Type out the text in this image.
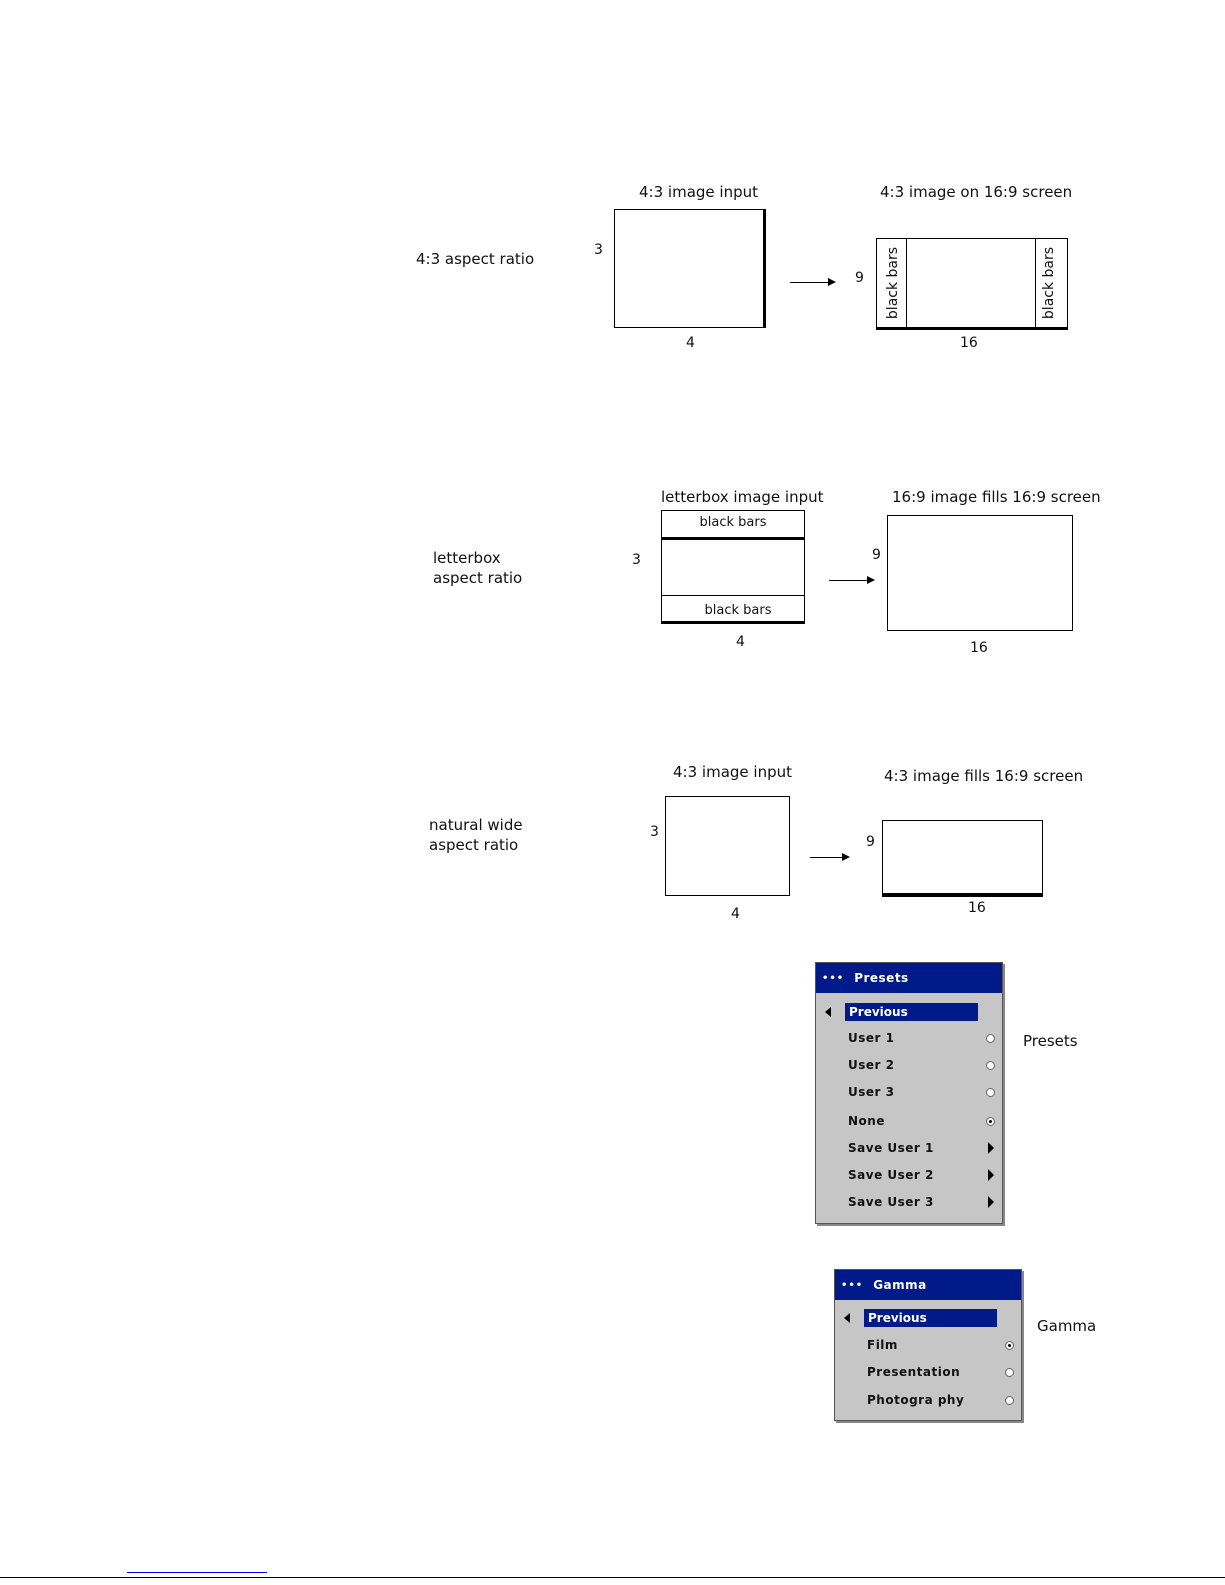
4:3 aspect ratio
4:3 image input
3
4
4:3 image on 16:9 screen
9 black bars	black bars
16
letterbox
aspect ratio
letterbox image input
3
black bars
black bars
4
16:9 image fills 16:9 screen
9
16
natural wide
aspect ratio
4:3 image input
3
4
4:3 image fills 16:9 screen
9
16
••• Presets
Previous
User 1
User 2
User 3
None
Save User 1
Save User 2
Save User 3
Presets
••• Gamma
Previous
Film
Presentation
Photogra phy
Gamma
